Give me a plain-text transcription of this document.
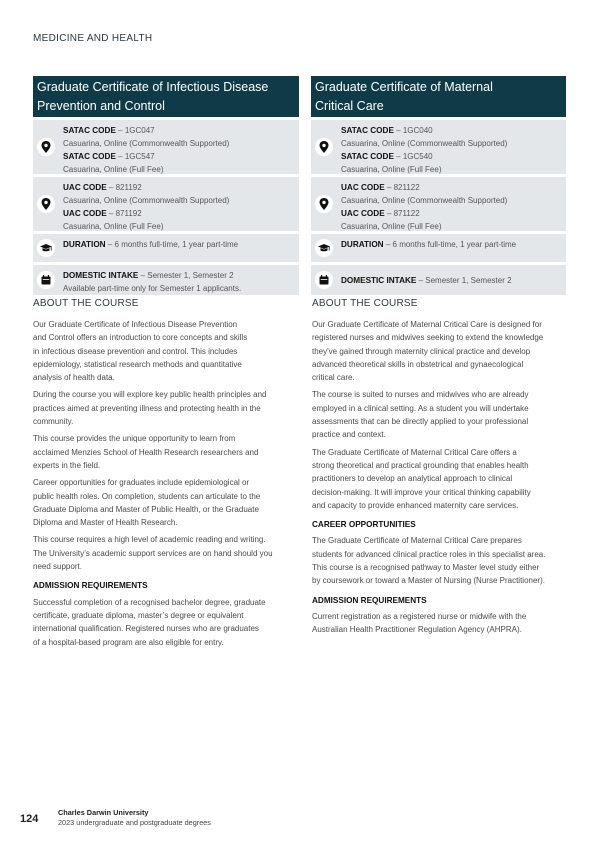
MEDICINE AND HEALTH
Graduate Certificate of Infectious Disease
Prevention and Control
SATAC CODE – 1GC047
Casuarina, Online (Commonwealth Supported)
SATAC CODE – 1GC547
Casuarina, Online (Full Fee)
UAC CODE – 821192
Casuarina, Online (Commonwealth Supported)
UAC CODE – 871192
Casuarina, Online (Full Fee)
DURATION – 6 months full-time, 1 year part-time
DOMESTIC INTAKE – Semester 1, Semester 2
Available part-time only for Semester 1 applicants.
Graduate Certificate of Maternal
Critical Care
SATAC CODE – 1GC040
Casuarina, Online (Commonwealth Supported)
SATAC CODE – 1GC540
Casuarina, Online (Full Fee)
UAC CODE – 821122
Casuarina, Online (Commonwealth Supported)
UAC CODE – 871122
Casuarina, Online (Full Fee)
DURATION – 6 months full-time, 1 year part-time
DOMESTIC INTAKE – Semester 1, Semester 2
ABOUT THE COURSE
Our Graduate Certificate of Infectious Disease Prevention
and Control offers an introduction to core concepts and skills
in infectious disease prevention and control. This includes
epidemiology, statistical research methods and quantitative
analysis of health data.
During the course you will explore key public health principles and
practices aimed at preventing illness and protecting health in the
community.
This course provides the unique opportunity to learn from
acclaimed Menzies School of Health Research researchers and
experts in the field.
Career opportunities for graduates include epidemiological or
public health roles. On completion, students can articulate to the
Graduate Diploma and Master of Public Health, or the Graduate
Diploma and Master of Health Research.
This course requires a high level of academic reading and writing.
The University’s academic support services are on hand should you
need support.
ADMISSION REQUIREMENTS
Successful completion of a recognised bachelor degree, graduate
certificate, graduate diploma, master’s degree or equivalent
international qualification. Registered nurses who are graduates
of a hospital-based program are also eligible for entry.
ABOUT THE COURSE
Our Graduate Certificate of Maternal Critical Care is designed for
registered nurses and midwives seeking to extend the knowledge
they've gained through maternity clinical practice and develop
advanced theoretical skills in obstetrical and gynaecological
critical care.
The course is suited to nurses and midwives who are already
employed in a clinical setting. As a student you will undertake
assessments that can be directly applied to your professional
practice and context.
The Graduate Certificate of Maternal Critical Care offers a
strong theoretical and practical grounding that enables health
practitioners to develop an analytical approach to clinical
decision-making. It will improve your critical thinking capability
and capacity to provide enhanced maternity care services.
CAREER OPPORTUNITIES
The Graduate Certificate of Maternal Critical Care prepares
students for advanced clinical practice roles in this specialist area.
This course is a recognised pathway to Master level study either
by coursework or toward a Master of Nursing (Nurse Practitioner).
ADMISSION REQUIREMENTS
Current registration as a registered nurse or midwife with the
Australian Health Practitioner Regulation Agency (AHPRA).
124
Charles Darwin University
2023 undergraduate and postgraduate degrees
